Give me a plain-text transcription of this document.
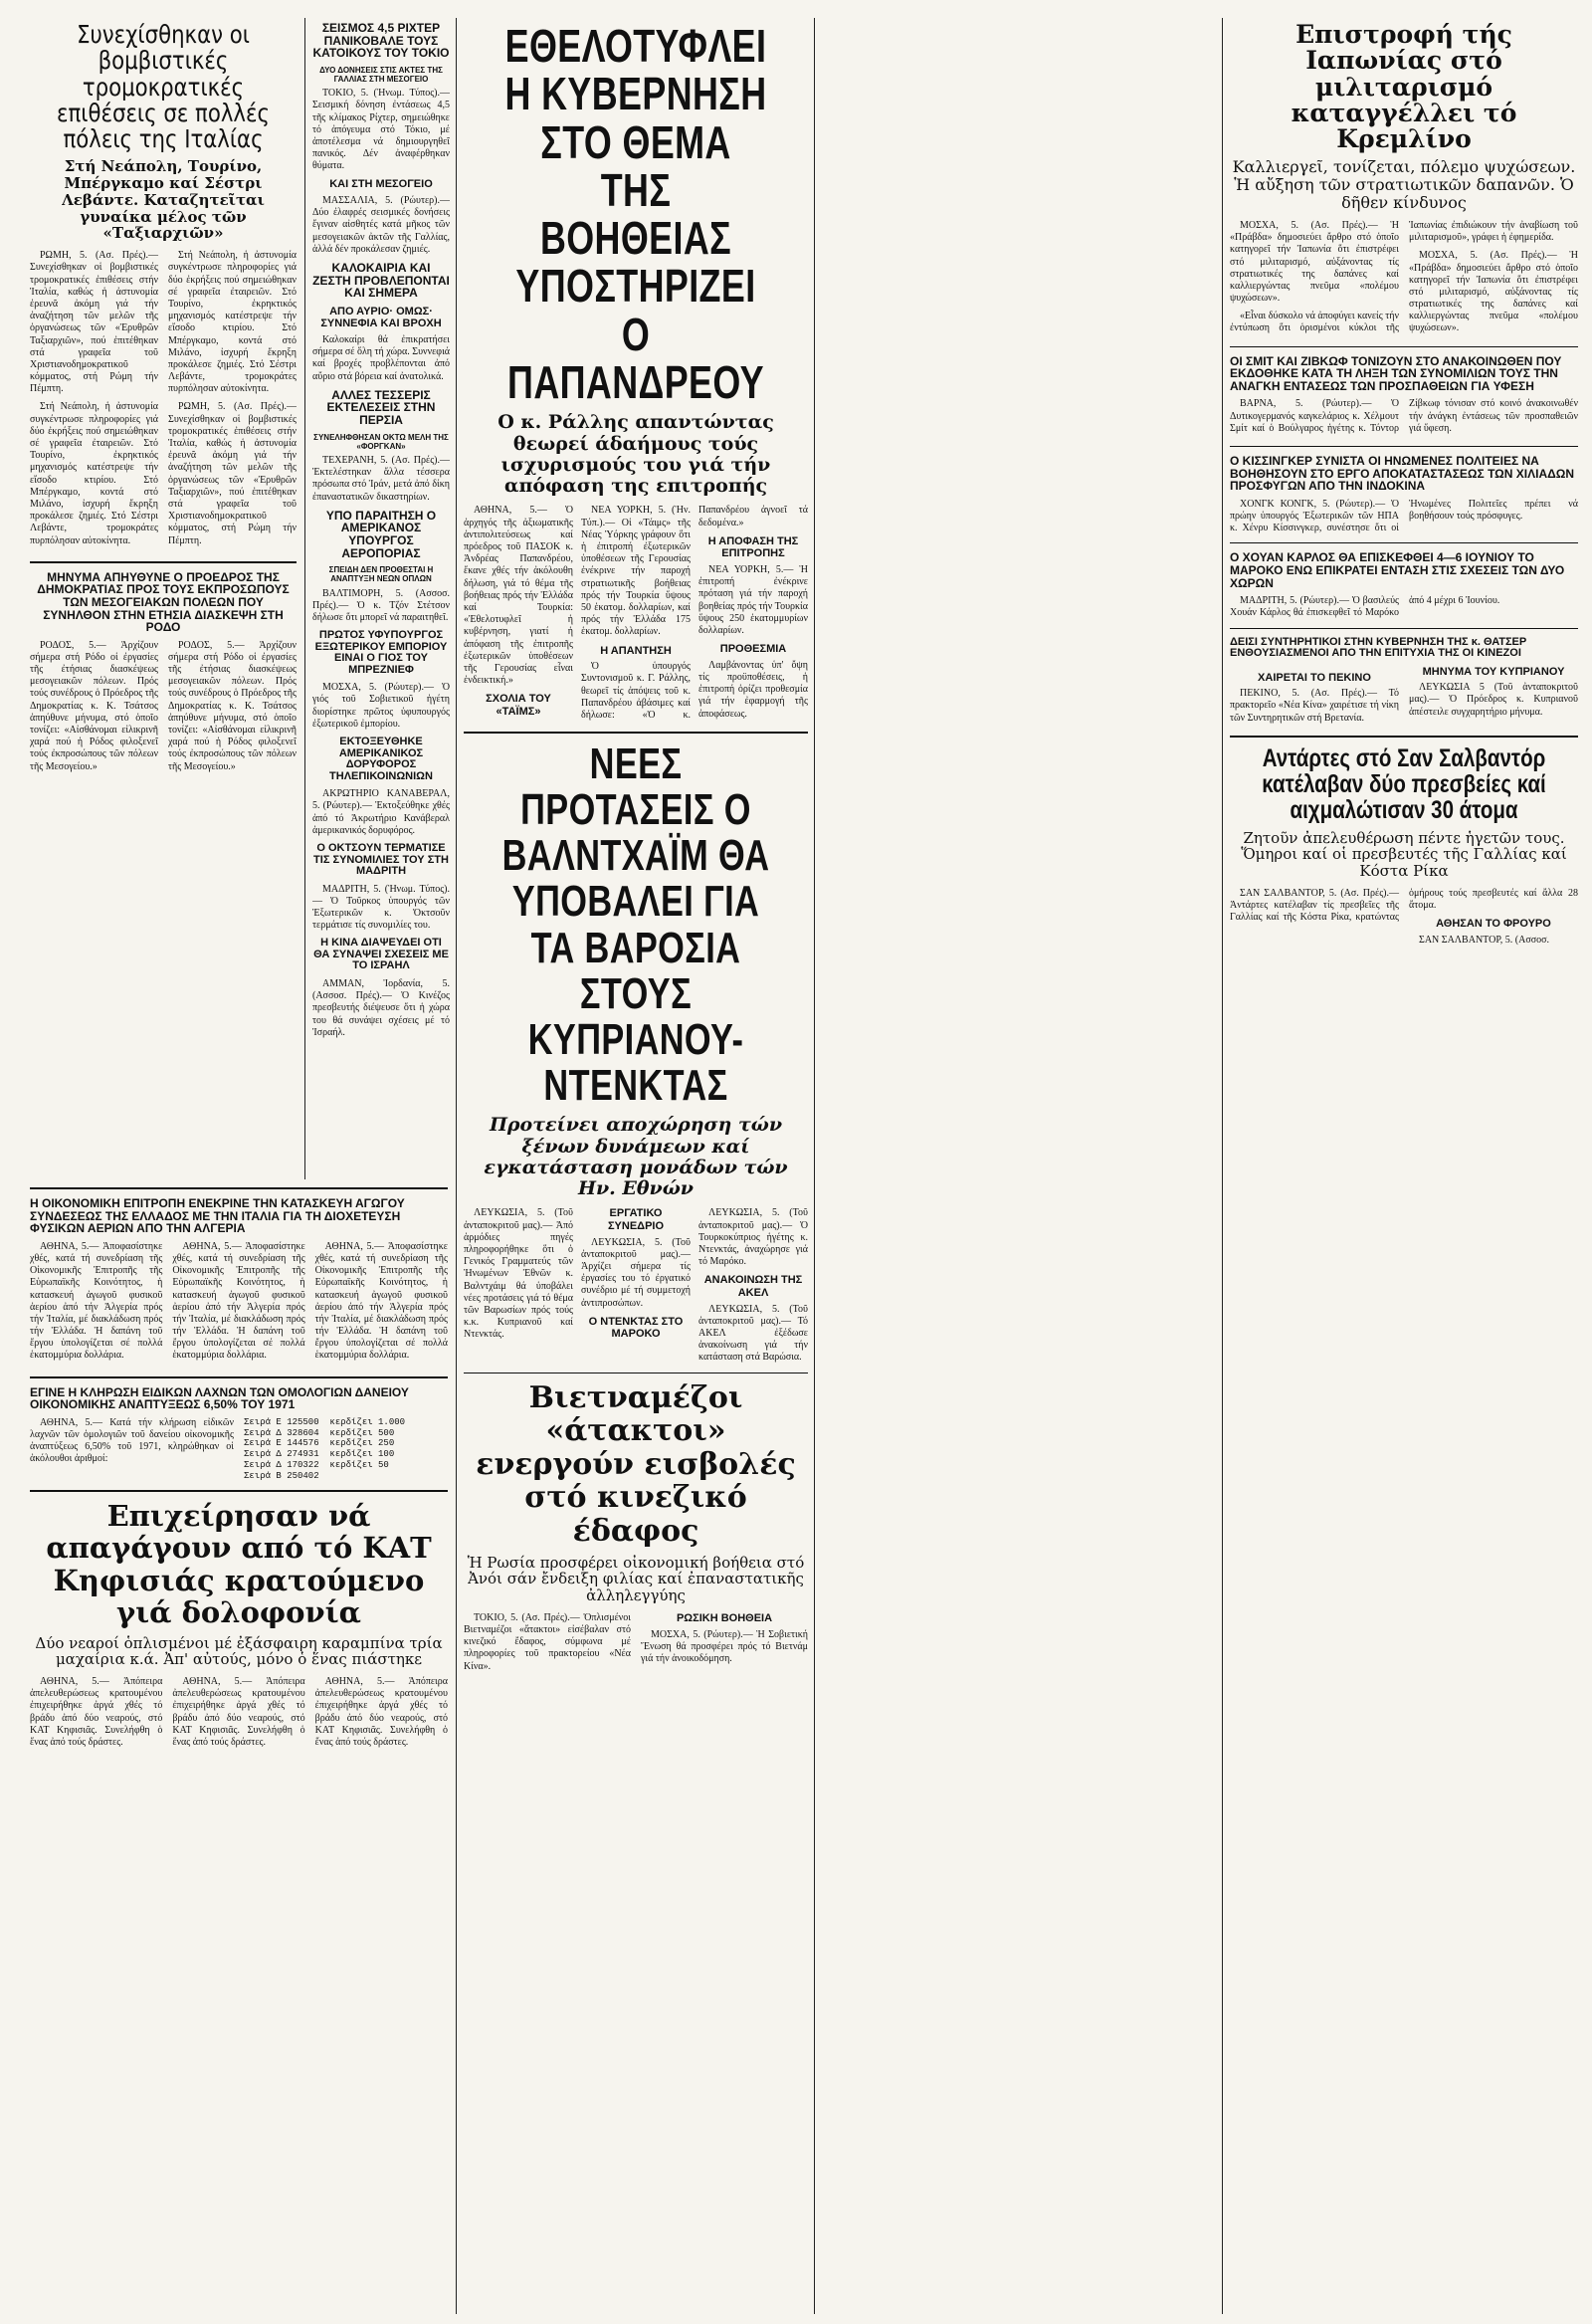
Συνεχίσθηκαν οι βομβιστικές τρομοκρατικές επιθέσεις σε πολλές πόλεις της Ιταλίας
Στή Νεάπολη, Τουρίνο, Μπέργκαμο καί Σέστρι Λεβάντε. Καταζητεῖται γυναίκα μέλος τῶν «Ταξιαρχιῶν»

ΡΩΜΗ, 5. (Ασ. Πρές).— Συνεχίσθηκαν οἱ βομβιστικές τρομοκρατικές ἐπιθέσεις στήν Ἰταλία, καθώς ἡ ἀστυνομία ἐρευνᾶ ἀκόμη γιά τήν ἀναζήτηση τῶν μελῶν τῆς ὀργανώσεως τῶν «Ἐρυθρῶν Ταξιαρχιῶν», πού ἐπιτέθηκαν στά γραφεῖα τοῦ Χριστιανοδημοκρατικοῦ κόμματος, στή Ρώμη τήν Πέμπτη.

Στή Νεάπολη, ἡ ἀστυνομία συγκέντρωσε πληροφορίες γιά δύο ἐκρήξεις πού σημειώθηκαν σέ γραφεῖα ἐταιρειῶν. Στό Τουρίνο, ἐκρηκτικός μηχανισμός κατέστρεψε τήν εἴσοδο κτιρίου. Στό Μπέργκαμο, κοντά στό Μιλάνο, ἰσχυρή ἔκρηξη προκάλεσε ζημιές. Στό Σέστρι Λεβάντε, τρομοκράτες πυρπόλησαν αὐτοκίνητα.

Στή Νεάπολη, ἡ ἀστυνομία συγκέντρωσε πληροφορίες γιά δύο ἐκρήξεις πού σημειώθηκαν σέ γραφεῖα ἐταιρειῶν. Στό Τουρίνο, ἐκρηκτικός μηχανισμός κατέστρεψε τήν εἴσοδο κτιρίου. Στό Μπέργκαμο, κοντά στό Μιλάνο, ἰσχυρή ἔκρηξη προκάλεσε ζημιές. Στό Σέστρι Λεβάντε, τρομοκράτες πυρπόλησαν αὐτοκίνητα.

ΡΩΜΗ, 5. (Ασ. Πρές).— Συνεχίσθηκαν οἱ βομβιστικές τρομοκρατικές ἐπιθέσεις στήν Ἰταλία, καθώς ἡ ἀστυνομία ἐρευνᾶ ἀκόμη γιά τήν ἀναζήτηση τῶν μελῶν τῆς ὀργανώσεως τῶν «Ἐρυθρῶν Ταξιαρχιῶν», πού ἐπιτέθηκαν στά γραφεῖα τοῦ Χριστιανοδημοκρατικοῦ κόμματος, στή Ρώμη τήν Πέμπτη.

ΜΗΝΥΜΑ ΑΠΗΥΘΥΝΕ Ο ΠΡΟΕΔΡΟΣ ΤΗΣ ΔΗΜΟΚΡΑΤΙΑΣ ΠΡΟΣ ΤΟΥΣ ΕΚΠΡΟΣΩΠΟΥΣ ΤΩΝ ΜΕΣΟΓΕΙΑΚΩΝ ΠΟΛΕΩΝ ΠΟΥ ΣΥΝΗΛΘΟΝ ΣΤΗΝ ΕΤΗΣΙΑ ΔΙΑΣΚΕΨΗ ΣΤΗ ΡΟΔΟ

ΡΟΔΟΣ, 5.— Ἀρχίζουν σήμερα στή Ρόδο οἱ ἐργασίες τῆς ἐτήσιας διασκέψεως μεσογειακῶν πόλεων. Πρός τούς συνέδρους ὁ Πρόεδρος τῆς Δημοκρατίας κ. Κ. Τσάτσος ἀπηύθυνε μήνυμα, στό ὁποῖο τονίζει: «Αἰσθάνομαι εἰλικρινῆ χαρά πού ἡ Ρόδος φιλοξενεῖ τούς ἐκπροσώπους τῶν πόλεων τῆς Μεσογείου.»

ΡΟΔΟΣ, 5.— Ἀρχίζουν σήμερα στή Ρόδο οἱ ἐργασίες τῆς ἐτήσιας διασκέψεως μεσογειακῶν πόλεων. Πρός τούς συνέδρους ὁ Πρόεδρος τῆς Δημοκρατίας κ. Κ. Τσάτσος ἀπηύθυνε μήνυμα, στό ὁποῖο τονίζει: «Αἰσθάνομαι εἰλικρινῆ χαρά πού ἡ Ρόδος φιλοξενεῖ τούς ἐκπροσώπους τῶν πόλεων τῆς Μεσογείου.»

ΣΕΙΣΜΟΣ 4,5 ΡΙΧΤΕΡ ΠΑΝΙΚΟΒΑΛΕ ΤΟΥΣ ΚΑΤΟΙΚΟΥΣ ΤΟΥ ΤΟΚΙΟ
ΔΥΟ ΔΟΝΗΣΕΙΣ ΣΤΙΣ ΑΚΤΕΣ ΤΗΣ ΓΑΛΛΙΑΣ ΣΤΗ ΜΕΣΟΓΕΙΟ

ΤΟΚΙΟ, 5. (Ἡνωμ. Τύπος).— Σεισμική δόνηση ἐντάσεως 4,5 τῆς κλίμακος Ρίχτερ, σημειώθηκε τό ἀπόγευμα στό Τόκιο, μέ ἀποτέλεσμα νά δημιουργηθεῖ πανικός. Δέν ἀναφέρθηκαν θύματα.

ΚΑΙ ΣΤΗ ΜΕΣΟΓΕΙΟ

ΜΑΣΣΑΛΙΑ, 5. (Ρώυτερ).— Δύο ἐλαφρές σεισμικές δονήσεις ἔγιναν αἰσθητές κατά μῆκος τῶν μεσογειακῶν ἀκτῶν τῆς Γαλλίας, ἀλλά δέν προκάλεσαν ζημιές.

ΚΑΛΟΚΑΙΡΙΑ ΚΑΙ ΖΕΣΤΗ ΠΡΟΒΛΕΠΟΝΤΑΙ ΚΑΙ ΣΗΜΕΡΑ
ΑΠΟ ΑΥΡΙΟ· ΟΜΩΣ· ΣΥΝΝΕΦΙΑ ΚΑΙ ΒΡΟΧΗ

Καλοκαίρι θά ἐπικρατήσει σήμερα σέ ὅλη τή χώρα. Συννεφιά καί βροχές προβλέπονται ἀπό αὔριο στά βόρεια καί ἀνατολικά.

ΑΛΛΕΣ ΤΕΣΣΕΡΙΣ ΕΚΤΕΛΕΣΕΙΣ ΣΤΗΝ ΠΕΡΣΙΑ
ΣΥΝΕΛΗΦΘΗΣΑΝ ΟΚΤΩ ΜΕΛΗ ΤΗΣ «ΦΟΡΓΚΑΝ»

ΤΕΧΕΡΑΝΗ, 5. (Ασ. Πρές).— Ἐκτελέστηκαν ἄλλα τέσσερα πρόσωπα στό Ἰράν, μετά ἀπό δίκη ἐπαναστατικῶν δικαστηρίων.

ΥΠΟ ΠΑΡΑΙΤΗΣΗ Ο ΑΜΕΡΙΚΑΝΟΣ ΥΠΟΥΡΓΟΣ ΑΕΡΟΠΟΡΙΑΣ
ΣΠΕΙΔΗ ΔΕΝ ΠΡΟΘΕΣΤΑΙ Η ΑΝΑΠΤΥΞΗ ΝΕΩΝ ΟΠΛΩΝ

ΒΑΛΤΙΜΟΡΗ, 5. (Ασσοσ. Πρές).— Ὁ κ. Τζόν Στέτσον δήλωσε ὅτι μπορεῖ νά παραιτηθεῖ.

ΠΡΩΤΟΣ ΥΦΥΠΟΥΡΓΟΣ ΕΞΩΤΕΡΙΚΟΥ ΕΜΠΟΡΙΟΥ ΕΙΝΑΙ Ο ΓΙΟΣ ΤΟΥ ΜΠΡΕΖΝΙΕΦ

ΜΟΣΧΑ, 5. (Ρώυτερ).— Ὁ γιός τοῦ Σοβιετικοῦ ἡγέτη διορίστηκε πρῶτος ὑφυπουργός ἐξωτερικοῦ ἐμπορίου.

ΕΚΤΟΞΕΥΘΗΚΕ ΑΜΕΡΙΚΑΝΙΚΟΣ ΔΟΡΥΦΟΡΟΣ ΤΗΛΕΠΙΚΟΙΝΩΝΙΩΝ

ΑΚΡΩΤΗΡΙΟ ΚΑΝΑΒΕΡΑΛ, 5. (Ρώυτερ).— Ἐκτοξεύθηκε χθές ἀπό τό Ἀκρωτήριο Κανάβεραλ ἀμερικανικός δορυφόρος.

Ο ΟΚΤΣΟΥΝ ΤΕΡΜΑΤΙΣΕ ΤΙΣ ΣΥΝΟΜΙΛΙΕΣ ΤΟΥ ΣΤΗ ΜΑΔΡΙΤΗ

ΜΑΔΡΙΤΗ, 5. (Ἡνωμ. Τύπος).— Ὁ Τοῦρκος ὑπουργός τῶν Ἐξωτερικῶν κ. Ὀκτσοῦν τερμάτισε τίς συνομιλίες του.

Η ΚΙΝΑ ΔΙΑΨΕΥΔΕΙ ΟΤΙ ΘΑ ΣΥΝΑΨΕΙ ΣΧΕΣΕΙΣ ΜΕ ΤΟ ΙΣΡΑΗΛ

ΑΜΜΑΝ, Ἰορδανία, 5. (Ασσοσ. Πρές).— Ὁ Κινέζος πρεσβευτής διέψευσε ὅτι ἡ χώρα του θά συνάψει σχέσεις μέ τό Ἰσραήλ.

ΕΘΕΛΟΤΥΦΛΕΙ Η ΚΥΒΕΡΝΗΣΗ ΣΤΟ ΘΕΜΑ ΤΗΣ ΒΟΗΘΕΙΑΣ ΥΠΟΣΤΗΡΙΖΕΙ Ο ΠΑΠΑΝΔΡΕΟΥ
Ο κ. Ράλλης απαντώντας θεωρεί άδαήμους τούς ισχυρισμούς του γιά τήν απόφαση της επιτροπής

ΑΘΗΝΑ, 5.— Ὁ ἀρχηγός τῆς ἀξιωματικῆς ἀντιπολιτεύσεως καί πρόεδρος τοῦ ΠΑΣΟΚ κ. Ἀνδρέας Παπανδρέου, ἔκανε χθές τήν ἀκόλουθη δήλωση, γιά τό θέμα τῆς βοήθειας πρός τήν Ἑλλάδα καί Τουρκία: «Ἐθελοτυφλεῖ ἡ κυβέρνηση, γιατί ἡ ἀπόφαση τῆς ἐπιτροπῆς ἐξωτερικῶν ὑποθέσεων τῆς Γερουσίας εἶναι ἐνδεικτική.»

ΣΧΟΛΙΑ ΤΟΥ «ΤΑΪΜΣ»

ΝΕΑ ΥΟΡΚΗ, 5. (Ἡν. Τύπ.).— Οἱ «Τάιμς» τῆς Νέας Ὑόρκης γράφουν ὅτι ἡ ἐπιτροπή ἐξωτερικῶν ὑποθέσεων τῆς Γερουσίας ἐνέκρινε τήν παροχή στρατιωτικῆς βοήθειας πρός τήν Τουρκία ὕψους 50 ἑκατομ. δολλαρίων, καί πρός τήν Ἑλλάδα 175 ἑκατομ. δολλαρίων.

Η ΑΠΑΝΤΗΣΗ

Ὁ ὑπουργός Συντονισμοῦ κ. Γ. Ράλλης, θεωρεῖ τίς ἀπόψεις τοῦ κ. Παπανδρέου ἀβάσιμες καί δήλωσε: «Ὁ κ. Παπανδρέου ἀγνοεῖ τά δεδομένα.»

Η ΑΠΟΦΑΣΗ ΤΗΣ ΕΠΙΤΡΟΠΗΣ

ΝΕΑ ΥΟΡΚΗ, 5.— Ἡ ἐπιτροπή ἐνέκρινε πρόταση γιά τήν παροχή βοηθείας πρός τήν Τουρκία ὕψους 250 ἑκατομμυρίων δολλαρίων.

ΠΡΟΘΕΣΜΙΑ

Λαμβάνοντας ὑπ' ὄψη τίς προϋποθέσεις, ἡ ἐπιτροπή ὁρίζει προθεσμία γιά τήν ἐφαρμογή τῆς ἀποφάσεως.

ΝΕΕΣ ΠΡΟΤΑΣΕΙΣ Ο ΒΑΛΝΤΧΑΪΜ ΘΑ ΥΠΟΒΑΛΕΙ ΓΙΑ ΤΑ ΒΑΡΟΣΙΑ ΣΤΟΥΣ ΚΥΠΡΙΑΝΟΥ-ΝΤΕΝΚΤΑΣ
Προτείνει αποχώρηση τών ξένων δυνάμεων καί εγκατάσταση μονάδων τών Ην. Εθνών

ΛΕΥΚΩΣΙΑ, 5. (Τοῦ ἀνταποκριτοῦ μας).— Ἀπό ἁρμόδιες πηγές πληροφορήθηκε ὅτι ὁ Γενικός Γραμματεύς τῶν Ἡνωμένων Ἐθνῶν κ. Βαλντχάιμ θά ὑποβάλει νέες προτάσεις γιά τό θέμα τῶν Βαρωσίων πρός τούς κ.κ. Κυπριανοῦ καί Ντενκτάς.

ΕΡΓΑΤΙΚΟ ΣΥΝΕΔΡΙΟ

ΛΕΥΚΩΣΙΑ, 5. (Τοῦ ἀνταποκριτοῦ μας).— Ἀρχίζει σήμερα τίς ἐργασίες του τό ἐργατικό συνέδριο μέ τή συμμετοχή ἀντιπροσώπων.

Ο ΝΤΕΝΚΤΑΣ ΣΤΟ ΜΑΡΟΚΟ

ΛΕΥΚΩΣΙΑ, 5. (Τοῦ ἀνταποκριτοῦ μας).— Ὁ Τουρκοκύπριος ἡγέτης κ. Ντενκτάς, ἀναχώρησε γιά τό Μαρόκο.

ΑΝΑΚΟΙΝΩΣΗ ΤΗΣ ΑΚΕΛ

ΛΕΥΚΩΣΙΑ, 5. (Τοῦ ἀνταποκριτοῦ μας).— Τό ΑΚΕΛ ἐξέδωσε ἀνακοίνωση γιά τήν κατάσταση στά Βαρώσια.

Βιετναμέζοι «άτακτοι» ενεργούν εισβολές στό κινεζικό έδαφος
Ἡ Ρωσία προσφέρει οἰκονομική βοήθεια στό Ἀνόι σάν ἔνδειξη φιλίας καί ἐπαναστατικῆς ἀλληλεγγύης

ΤΟΚΙΟ, 5. (Ασ. Πρές).— Ὁπλισμένοι Βιετναμέζοι «ἄτακτοι» εἰσέβαλαν στό κινεζικό ἔδαφος, σύμφωνα μέ πληροφορίες τοῦ πρακτορείου «Νέα Κίνα».

ΡΩΣΙΚΗ ΒΟΗΘΕΙΑ

ΜΟΣΧΑ, 5. (Ρώυτερ).— Ἡ Σοβιετική Ἕνωση θά προσφέρει πρός τό Βιετνάμ γιά τήν ἀνοικοδόμηση.

Επιστροφή τής Ιαπωνίας στό μιλιταρισμό καταγγέλλει τό Κρεμλίνο
Καλλιεργεῖ, τονίζεται, πόλεμο ψυχώσεων. Ἡ αὔξηση τῶν στρατιωτικῶν δαπανῶν. Ὁ δῆθεν κίνδυνος

ΜΟΣΧΑ, 5. (Ασ. Πρές).— Ἡ «Πράβδα» δημοσιεύει ἄρθρο στό ὁποῖο κατηγορεῖ τήν Ἰαπωνία ὅτι ἐπιστρέφει στό μιλιταρισμό, αὐξάνοντας τίς στρατιωτικές της δαπάνες καί καλλιεργώντας πνεῦμα «πολέμου ψυχώσεων».

«Εἶναι δύσκολο νά ἀποφύγει κανείς τήν ἐντύπωση ὅτι ὁρισμένοι κύκλοι τῆς Ἰαπωνίας ἐπιδιώκουν τήν ἀναβίωση τοῦ μιλιταρισμοῦ», γράφει ἡ ἐφημερίδα.

ΜΟΣΧΑ, 5. (Ασ. Πρές).— Ἡ «Πράβδα» δημοσιεύει ἄρθρο στό ὁποῖο κατηγορεῖ τήν Ἰαπωνία ὅτι ἐπιστρέφει στό μιλιταρισμό, αὐξάνοντας τίς στρατιωτικές της δαπάνες καί καλλιεργώντας πνεῦμα «πολέμου ψυχώσεων».

ΟΙ ΣΜΙΤ ΚΑΙ ΖΙΒΚΩΦ ΤΟΝΙΖΟΥΝ ΣΤΟ ΑΝΑΚΟΙΝΩΘΕΝ ΠΟΥ ΕΚΔΟΘΗΚΕ ΚΑΤΑ ΤΗ ΛΗΞΗ ΤΩΝ ΣΥΝΟΜΙΛΙΩΝ ΤΟΥΣ ΤΗΝ ΑΝΑΓΚΗ ΕΝΤΑΣΕΩΣ ΤΩΝ ΠΡΟΣΠΑΘΕΙΩΝ ΓΙΑ ΥΦΕΣΗ

ΒΑΡΝΑ, 5. (Ρώυτερ).— Ὁ Δυτικογερμανός καγκελάριος κ. Χέλμουτ Σμίτ καί ὁ Βούλγαρος ἡγέτης κ. Τόντορ Ζίβκωφ τόνισαν στό κοινό ἀνακοινωθέν τήν ἀνάγκη ἐντάσεως τῶν προσπαθειῶν γιά ὕφεση.

Ο ΚΙΣΣΙΝΓΚΕΡ ΣΥΝΙΣΤΑ ΟΙ ΗΝΩΜΕΝΕΣ ΠΟΛΙΤΕΙΕΣ ΝΑ ΒΟΗΘΗΣΟΥΝ ΣΤΟ ΕΡΓΟ ΑΠΟΚΑΤΑΣΤΑΣΕΩΣ ΤΩΝ ΧΙΛΙΑΔΩΝ ΠΡΟΣΦΥΓΩΝ ΑΠΟ ΤΗΝ ΙΝΔΟΚΙΝΑ

ΧΟΝΓΚ ΚΟΝΓΚ, 5. (Ρώυτερ).— Ὁ πρώην ὑπουργός Ἐξωτερικῶν τῶν ΗΠΑ κ. Χένρυ Κίσσινγκερ, συνέστησε ὅτι οἱ Ἡνωμένες Πολιτεῖες πρέπει νά βοηθήσουν τούς πρόσφυγες.

Ο ΧΟΥΑΝ ΚΑΡΛΟΣ ΘΑ ΕΠΙΣΚΕΦΘΕΙ 4—6 ΙΟΥΝΙΟΥ ΤΟ ΜΑΡΟΚΟ ΕΝΩ ΕΠΙΚΡΑΤΕΙ ΕΝΤΑΣΗ ΣΤΙΣ ΣΧΕΣΕΙΣ ΤΩΝ ΔΥΟ ΧΩΡΩΝ

ΜΑΔΡΙΤΗ, 5. (Ρώυτερ).— Ὁ βασιλεύς Χουάν Κάρλος θά ἐπισκεφθεῖ τό Μαρόκο ἀπό 4 μέχρι 6 Ἰουνίου.

ΔΕΙΣΙ ΣΥΝΤΗΡΗΤΙΚΟΙ ΣΤΗΝ ΚΥΒΕΡΝΗΣΗ ΤΗΣ κ. ΘΑΤΣΕΡ ΕΝΘΟΥΣΙΑΣΜΕΝΟΙ ΑΠΟ ΤΗΝ ΕΠΙΤΥΧΙΑ ΤΗΣ ΟΙ ΚΙΝΕΖΟΙ
ΧΑΙΡΕΤΑΙ ΤΟ ΠΕΚΙΝΟ

ΠΕΚΙΝΟ, 5. (Ασ. Πρές).— Τό πρακτορεῖο «Νέα Κίνα» χαιρέτισε τή νίκη τῶν Συντηρητικῶν στή Βρετανία.

ΜΗΝΥΜΑ ΤΟΥ ΚΥΠΡΙΑΝΟΥ

ΛΕΥΚΩΣΙΑ 5 (Τοῦ ἀνταποκριτοῦ μας).— Ὁ Πρόεδρος κ. Κυπριανοῦ ἀπέστειλε συγχαρητήριο μήνυμα.

Αντάρτες στό Σαν Σαλβαντόρ κατέλαβαν δύο πρεσβείες καί αιχμαλώτισαν 30 άτομα
Ζητοῦν ἀπελευθέρωση πέντε ἡγετῶν τους. Ὅμηροι καί οἱ πρεσβευτές τῆς Γαλλίας καί Κόστα Ρίκα

ΣΑΝ ΣΑΛΒΑΝΤΟΡ, 5. (Ασ. Πρές).— Ἀντάρτες κατέλαβαν τίς πρεσβεῖες τῆς Γαλλίας καί τῆς Κόστα Ρίκα, κρατώντας ὁμήρους τούς πρεσβευτές καί ἄλλα 28 ἄτομα.

ΑΘΗΣΑΝ ΤΟ ΦΡΟΥΡΟ

ΣΑΝ ΣΑΛΒΑΝΤΟΡ, 5. (Ασσοσ.

Η ΟΙΚΟΝΟΜΙΚΗ ΕΠΙΤΡΟΠΗ ΕΝΕΚΡΙΝΕ ΤΗΝ ΚΑΤΑΣΚΕΥΗ ΑΓΩΓΟΥ ΣΥΝΔΕΣΕΩΣ ΤΗΣ ΕΛΛΑΔΟΣ ΜΕ ΤΗΝ ΙΤΑΛΙΑ ΓΙΑ ΤΗ ΔΙΟΧΕΤΕΥΣΗ ΦΥΣΙΚΩΝ ΑΕΡΙΩΝ ΑΠΟ ΤΗΝ ΑΛΓΕΡΙΑ

ΑΘΗΝΑ, 5.— Ἀποφασίστηκε χθές, κατά τή συνεδρίαση τῆς Οἰκονομικῆς Ἐπιτροπῆς τῆς Εὐρωπαϊκῆς Κοινότητος, ἡ κατασκευή ἀγωγοῦ φυσικοῦ ἀερίου ἀπό τήν Ἀλγερία πρός τήν Ἰταλία, μέ διακλάδωση πρός τήν Ἑλλάδα. Ἡ δαπάνη τοῦ ἔργου ὑπολογίζεται σέ πολλά ἑκατομμύρια δολλάρια.

ΑΘΗΝΑ, 5.— Ἀποφασίστηκε χθές, κατά τή συνεδρίαση τῆς Οἰκονομικῆς Ἐπιτροπῆς τῆς Εὐρωπαϊκῆς Κοινότητος, ἡ κατασκευή ἀγωγοῦ φυσικοῦ ἀερίου ἀπό τήν Ἀλγερία πρός τήν Ἰταλία, μέ διακλάδωση πρός τήν Ἑλλάδα. Ἡ δαπάνη τοῦ ἔργου ὑπολογίζεται σέ πολλά ἑκατομμύρια δολλάρια.

ΑΘΗΝΑ, 5.— Ἀποφασίστηκε χθές, κατά τή συνεδρίαση τῆς Οἰκονομικῆς Ἐπιτροπῆς τῆς Εὐρωπαϊκῆς Κοινότητος, ἡ κατασκευή ἀγωγοῦ φυσικοῦ ἀερίου ἀπό τήν Ἀλγερία πρός τήν Ἰταλία, μέ διακλάδωση πρός τήν Ἑλλάδα. Ἡ δαπάνη τοῦ ἔργου ὑπολογίζεται σέ πολλά ἑκατομμύρια δολλάρια.

ΕΓΙΝΕ Η ΚΛΗΡΩΣΗ ΕΙΔΙΚΩΝ ΛΑΧΝΩΝ ΤΩΝ ΟΜΟΛΟΓΙΩΝ ΔΑΝΕΙΟΥ ΟΙΚΟΝΟΜΙΚΗΣ ΑΝΑΠΤΥΞΕΩΣ 6,50% ΤΟΥ 1971

ΑΘΗΝΑ, 5.— Κατά τήν κλήρωση εἰδικῶν λαχνῶν τῶν ὁμολογιῶν τοῦ δανείου οἰκονομικῆς ἀναπτύξεως 6,50% τοῦ 1971, κληρώθηκαν οἱ ἀκόλουθοι ἀριθμοί:

Σειρά Ε 125500  κερδίζει 1.000
Σειρά Δ 328604  κερδίζει 500
Σειρά Ε 144576  κερδίζει 250
Σειρά Δ 274931  κερδίζει 100
Σειρά Δ 170322  κερδίζει 50
Σειρά Β 250402
Επιχείρησαν νά απαγάγουν από τό ΚΑΤ Κηφισιάς κρατούμενο γιά δολοφονία
Δύο νεαροί ὁπλισμένοι μέ ἐξάσφαιρη καραμπίνα τρία μαχαίρια κ.ά. Ἀπ' αὐτούς, μόνο ὁ ἕνας πιάστηκε

ΑΘΗΝΑ, 5.— Ἀπόπειρα ἀπελευθερώσεως κρατουμένου ἐπιχειρήθηκε ἀργά χθές τό βράδυ ἀπό δύο νεαρούς, στό ΚΑΤ Κηφισιᾶς. Συνελήφθη ὁ ἕνας ἀπό τούς δράστες.

ΑΘΗΝΑ, 5.— Ἀπόπειρα ἀπελευθερώσεως κρατουμένου ἐπιχειρήθηκε ἀργά χθές τό βράδυ ἀπό δύο νεαρούς, στό ΚΑΤ Κηφισιᾶς. Συνελήφθη ὁ ἕνας ἀπό τούς δράστες.

ΑΘΗΝΑ, 5.— Ἀπόπειρα ἀπελευθερώσεως κρατουμένου ἐπιχειρήθηκε ἀργά χθές τό βράδυ ἀπό δύο νεαρούς, στό ΚΑΤ Κηφισιᾶς. Συνελήφθη ὁ ἕνας ἀπό τούς δράστες.
